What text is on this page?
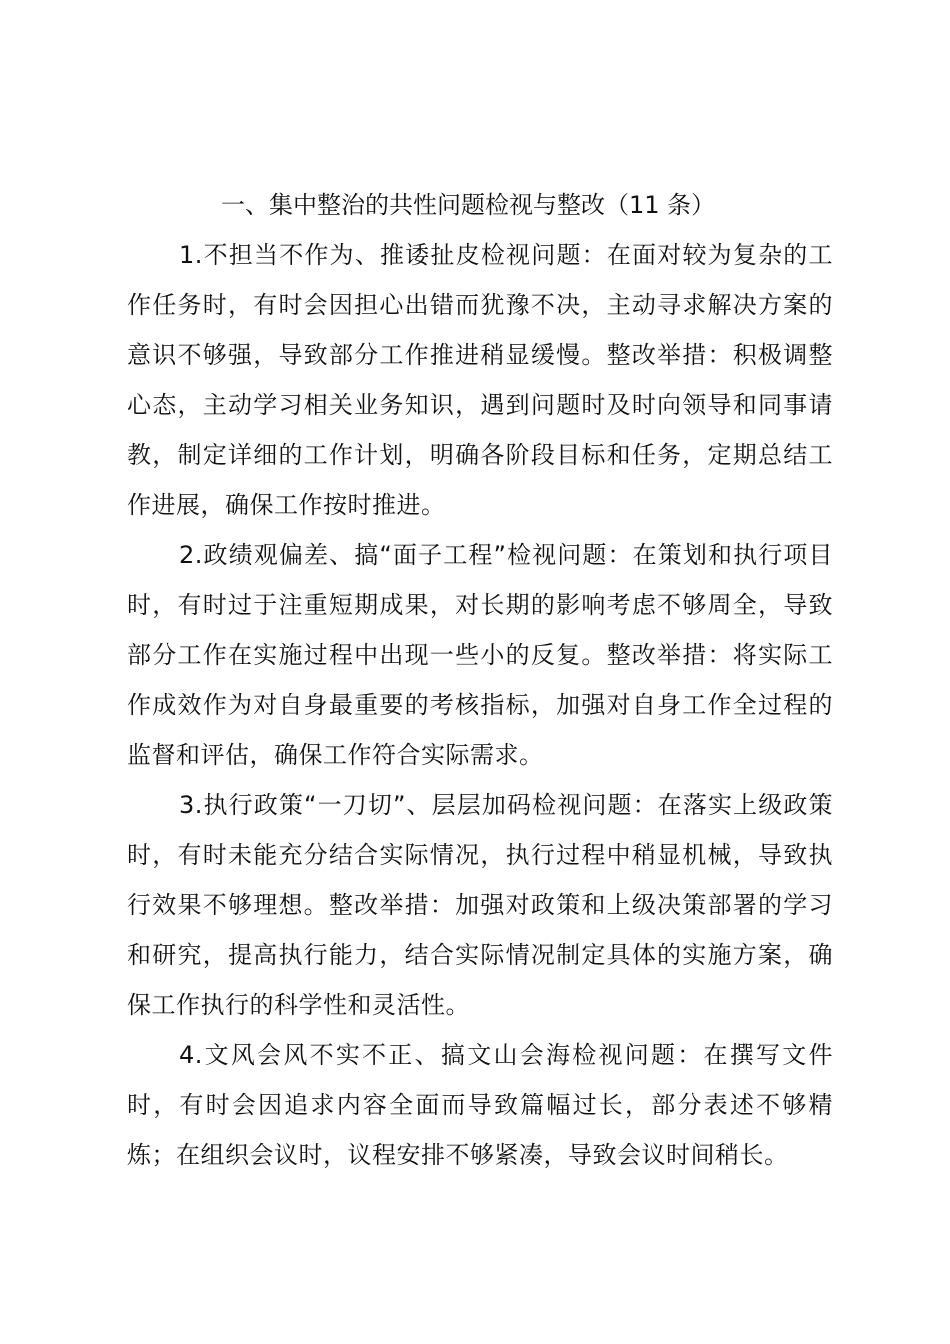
一、集中整治的共性问题检视与整改（11 条）

1.不担当不作为、推诿扯皮检视问题：在面对较为复杂的工作任务时，有时会因担心出错而犹豫不决，主动寻求解决方案的意识不够强，导致部分工作推进稍显缓慢。整改举措：积极调整心态，主动学习相关业务知识，遇到问题时及时向领导和同事请教，制定详细的工作计划，明确各阶段目标和任务，定期总结工作进展，确保工作按时推进。

2.政绩观偏差、搞“面子工程”检视问题：在策划和执行项目时，有时过于注重短期成果，对长期的影响考虑不够周全，导致部分工作在实施过程中出现一些小的反复。整改举措：将实际工作成效作为对自身最重要的考核指标，加强对自身工作全过程的监督和评估，确保工作符合实际需求。

3.执行政策“一刀切”、层层加码检视问题：在落实上级政策时，有时未能充分结合实际情况，执行过程中稍显机械，导致执行效果不够理想。整改举措：加强对政策和上级决策部署的学习和研究，提高执行能力，结合实际情况制定具体的实施方案，确保工作执行的科学性和灵活性。

4.文风会风不实不正、搞文山会海检视问题：在撰写文件时，有时会因追求内容全面而导致篇幅过长，部分表述不够精炼；在组织会议时，议程安排不够紧凑，导致会议时间稍长。
